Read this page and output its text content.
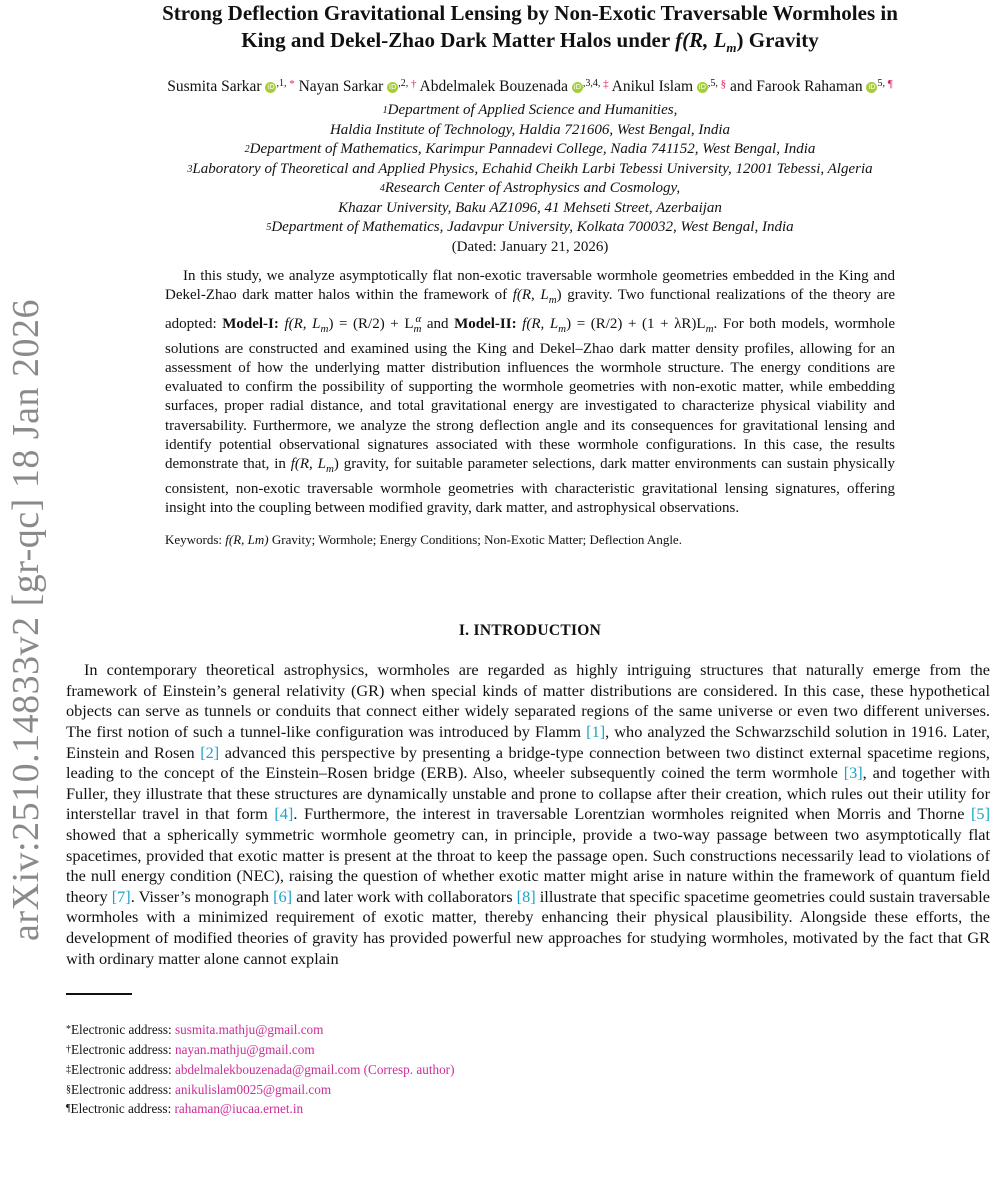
arXiv:2510.14833v2 [gr-qc] 18 Jan 2026
Strong Deflection Gravitational Lensing by Non-Exotic Traversable Wormholes in
King and Dekel-Zhao Dark Matter Halos under f(R, $L_m$) Gravity
Susmita Sarkar iD $^{,1,}$ * Nayan Sarkar iD $^{,2,}$ † Abdelmalek Bouzenada iD $^{,3,4,}$ ‡ Anikul Islam iD $^{,5,}$ § and Farook Rahaman iD $^{5,}$ ¶
$^1$Department of Applied Science and Humanities,
Haldia Institute of Technology, Haldia 721606, West Bengal, India
$^2$Department of Mathematics, Karimpur Pannadevi College, Nadia 741152, West Bengal, India
$^3$Laboratory of Theoretical and Applied Physics, Echahid Cheikh Larbi Tebessi University, 12001 Tebessi, Algeria
$^4$Research Center of Astrophysics and Cosmology,
Khazar University, Baku AZ1096, 41 Mehseti Street, Azerbaijan
$^5$Department of Mathematics, Jadavpur University, Kolkata 700032, West Bengal, India
(Dated: January 21, 2026)
In this study, we analyze asymptotically flat non-exotic traversable wormhole geometries embedded in the King and Dekel-Zhao dark matter halos within the framework of f(R, $L_m$) gravity. Two functional realizations of the theory are adopted: Model-I: f(R, $L_m) = (R/2) + L_m^\alpha$ and Model-II: f(R, $L_m) = (R/2) + (1 + \lambda R)L_m$. For both models, wormhole solutions are constructed and examined using the King and Dekel–Zhao dark matter density profiles, allowing for an assessment of how the underlying matter distribution influences the wormhole structure. The energy conditions are evaluated to confirm the possibility of supporting the wormhole geometries with non-exotic matter, while embedding surfaces, proper radial distance, and total gravitational energy are investigated to characterize physical viability and traversability. Furthermore, we analyze the strong deflection angle and its consequences for gravitational lensing and identify potential observational signatures associated with these wormhole configurations. In this case, the results demonstrate that, in f(R, $L_m$) gravity, for suitable parameter selections, dark matter environments can sustain physically consistent, non-exotic traversable wormhole geometries with characteristic gravitational lensing signatures, offering insight into the coupling between modified gravity, dark matter, and astrophysical observations.
Keywords: f(R, Lm) Gravity; Wormhole; Energy Conditions; Non-Exotic Matter; Deflection Angle.
I. INTRODUCTION
In contemporary theoretical astrophysics, wormholes are regarded as highly intriguing structures that naturally emerge from the framework of Einstein’s general relativity (GR) when special kinds of matter distributions are considered. In this case, these hypothetical objects can serve as tunnels or conduits that connect either widely separated regions of the same universe or even two different universes. The first notion of such a tunnel-like configuration was introduced by Flamm [1], who analyzed the Schwarzschild solution in 1916. Later, Einstein and Rosen [2] advanced this perspective by presenting a bridge-type connection between two distinct external spacetime regions, leading to the concept of the Einstein–Rosen bridge (ERB). Also, wheeler subsequently coined the term wormhole [3], and together with Fuller, they illustrate that these structures are dynamically unstable and prone to collapse after their creation, which rules out their utility for interstellar travel in that form [4]. Furthermore, the interest in traversable Lorentzian wormholes reignited when Morris and Thorne [5] showed that a spherically symmetric wormhole geometry can, in principle, provide a two-way passage between two asymptotically flat spacetimes, provided that exotic matter is present at the throat to keep the passage open. Such constructions necessarily lead to violations of the null energy condition (NEC), raising the question of whether exotic matter might arise in nature within the framework of quantum field theory [7]. Visser’s monograph [6] and later work with collaborators [8] illustrate that specific spacetime geometries could sustain traversable wormholes with a minimized requirement of exotic matter, thereby enhancing their physical plausibility. Alongside these efforts, the development of modified theories of gravity has provided powerful new approaches for studying wormholes, motivated by the fact that GR with ordinary matter alone cannot explain
*Electronic address: susmita.mathju@gmail.com
†Electronic address: nayan.mathju@gmail.com
‡Electronic address: abdelmalekbouzenada@gmail.com (Corresp. author)
§Electronic address: anikulislam0025@gmail.com
¶Electronic address: rahaman@iucaa.ernet.in
